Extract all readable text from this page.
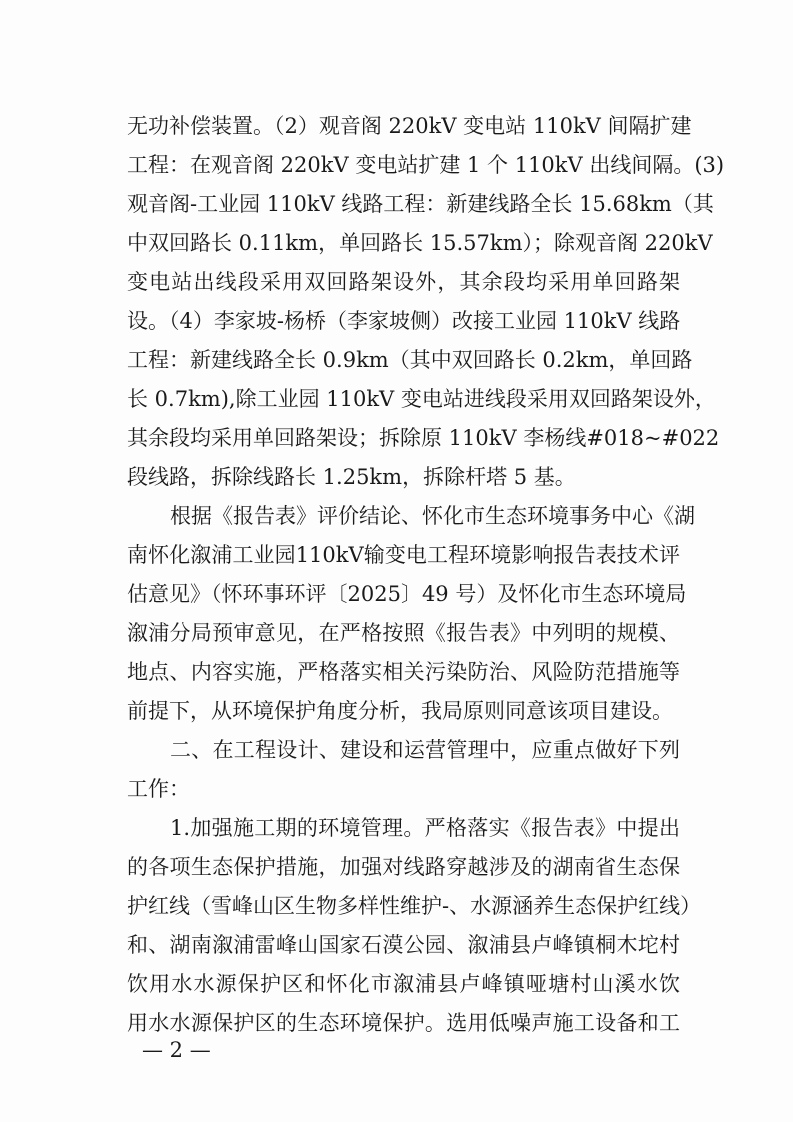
无功补偿装置。（2）观音阁 220kV 变电站 110kV 间隔扩建
工程：在观音阁 220kV 变电站扩建 1 个 110kV 出线间隔。(3)
观音阁-工业园 110kV 线路工程：新建线路全长 15.68km（其
中双回路长 0.11km，单回路长 15.57km）；除观音阁 220kV
变电站出线段采用双回路架设外，其余段均采用单回路架
设。（4）李家坡-杨桥（李家坡侧）改接工业园 110kV 线路
工程：新建线路全长 0.9km（其中双回路长 0.2km，单回路
长 0.7km),除工业园 110kV 变电站进线段采用双回路架设外，
其余段均采用单回路架设；拆除原 110kV 李杨线#018~#022
段线路，拆除线路长 1.25km，拆除杆塔 5 基。
根据《报告表》评价结论、怀化市生态环境事务中心《湖
南怀化溆浦工业园110kV输变电工程环境影响报告表技术评
估意见》（怀环事环评〔2025〕49 号）及怀化市生态环境局
溆浦分局预审意见，在严格按照《报告表》中列明的规模、
地点、内容实施，严格落实相关污染防治、风险防范措施等
前提下，从环境保护角度分析，我局原则同意该项目建设。
二、在工程设计、建设和运营管理中，应重点做好下列
工作：
1.加强施工期的环境管理。严格落实《报告表》中提出
的各项生态保护措施，加强对线路穿越涉及的湖南省生态保
护红线（雪峰山区生物多样性维护-、水源涵养生态保护红线）
和、湖南溆浦雷峰山国家石漠公园、溆浦县卢峰镇桐木坨村
饮用水水源保护区和怀化市溆浦县卢峰镇哑塘村山溪水饮
用水水源保护区的生态环境保护。选用低噪声施工设备和工
— 2 —
